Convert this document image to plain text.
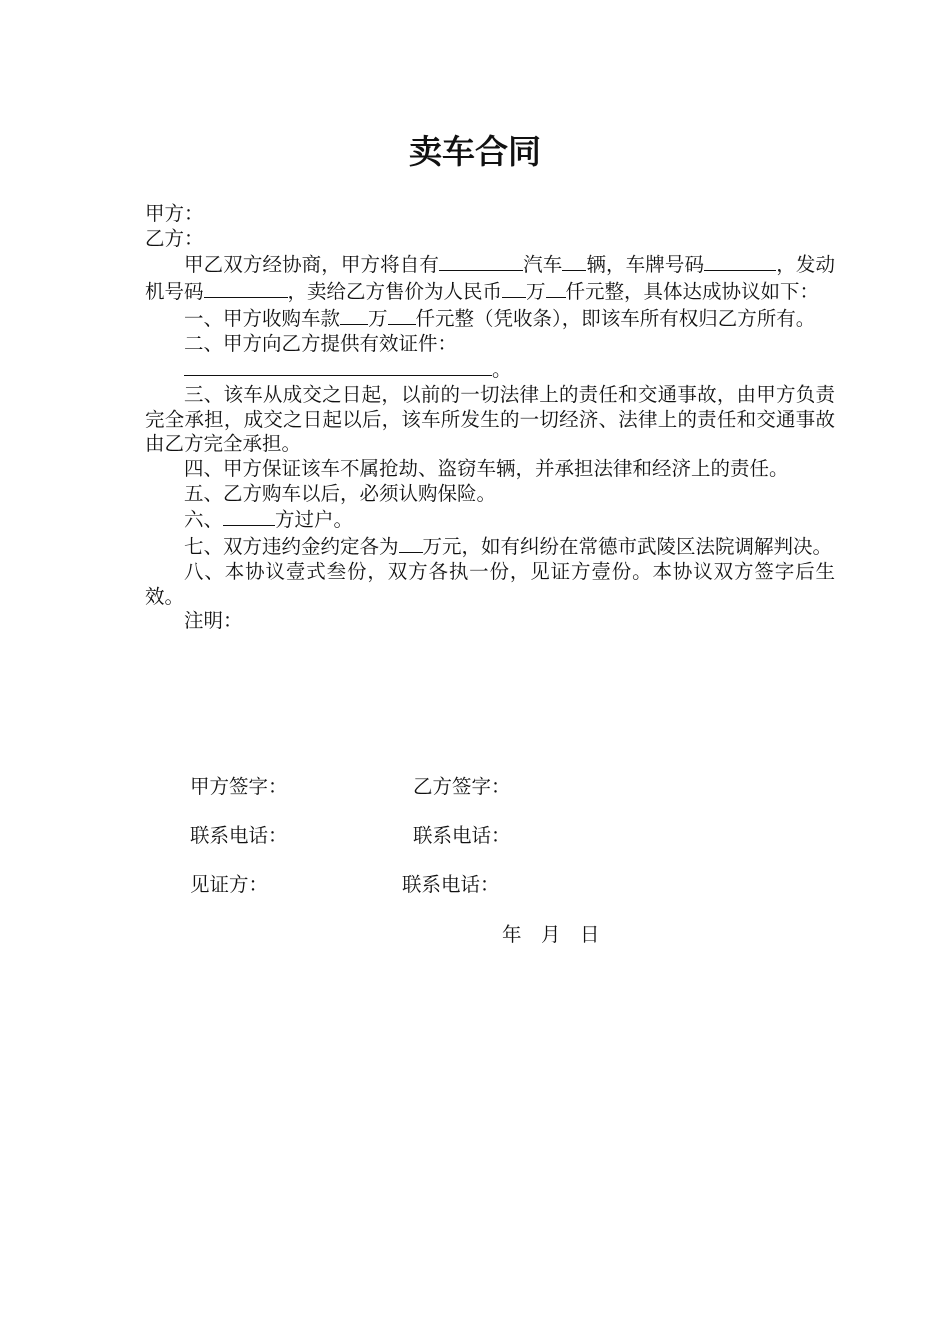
卖车合同

甲方：

乙方：

甲乙双方经协商，甲方将自有	汽车 辆，车牌号码	，发动机号码	，卖给乙方售价为人民币 万 仟元整，具体达成协议如下：

一、甲方收购车款 万 仟元整（凭收条），即该车所有权归乙方所有。

二、甲方向乙方提供有效证件：

。

三、该车从成交之日起，以前的一切法律上的责任和交通事故，由甲方负责完全承担，成交之日起以后，该车所发生的一切经济、法律上的责任和交通事故由乙方完全承担。

四、甲方保证该车不属抢劫、盗窃车辆，并承担法律和经济上的责任。

五、乙方购车以后，必须认购保险。

六、	方过户。

七、双方违约金约定各为 万元，如有纠纷在常德市武陵区法院调解判决。

八、本协议壹式叁份，双方各执一份，见证方壹份。本协议双方签字后生效。

注明：

甲方签字：	乙方签字：
联系电话：	联系电话：
见证方：	联系电话：
年　月　日
